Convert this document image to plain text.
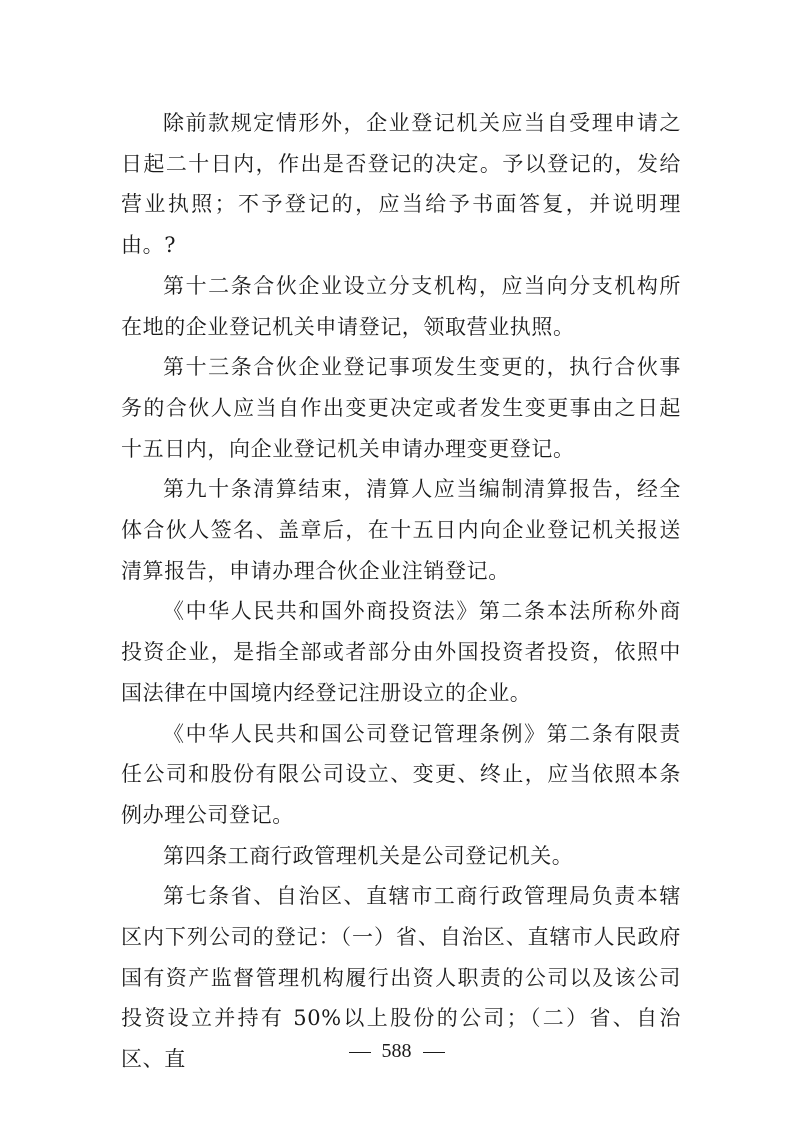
除前款规定情形外，企业登记机关应当自受理申请之日起二十日内，作出是否登记的决定。予以登记的，发给营业执照；不予登记的，应当给予书面答复，并说明理由。?

第十二条合伙企业设立分支机构，应当向分支机构所在地的企业登记机关申请登记，领取营业执照。

第十三条合伙企业登记事项发生变更的，执行合伙事务的合伙人应当自作出变更决定或者发生变更事由之日起十五日内，向企业登记机关申请办理变更登记。

第九十条清算结束，清算人应当编制清算报告，经全体合伙人签名、盖章后，在十五日内向企业登记机关报送清算报告，申请办理合伙企业注销登记。

《中华人民共和国外商投资法》第二条本法所称外商投资企业，是指全部或者部分由外国投资者投资，依照中国法律在中国境内经登记注册设立的企业。

《中华人民共和国公司登记管理条例》第二条有限责任公司和股份有限公司设立、变更、终止，应当依照本条例办理公司登记。

第四条工商行政管理机关是公司登记机关。

第七条省、自治区、直辖市工商行政管理局负责本辖区内下列公司的登记：（一）省、自治区、直辖市人民政府国有资产监督管理机构履行出资人职责的公司以及该公司投资设立并持有 50%以上股份的公司；（二）省、自治区、直	588
